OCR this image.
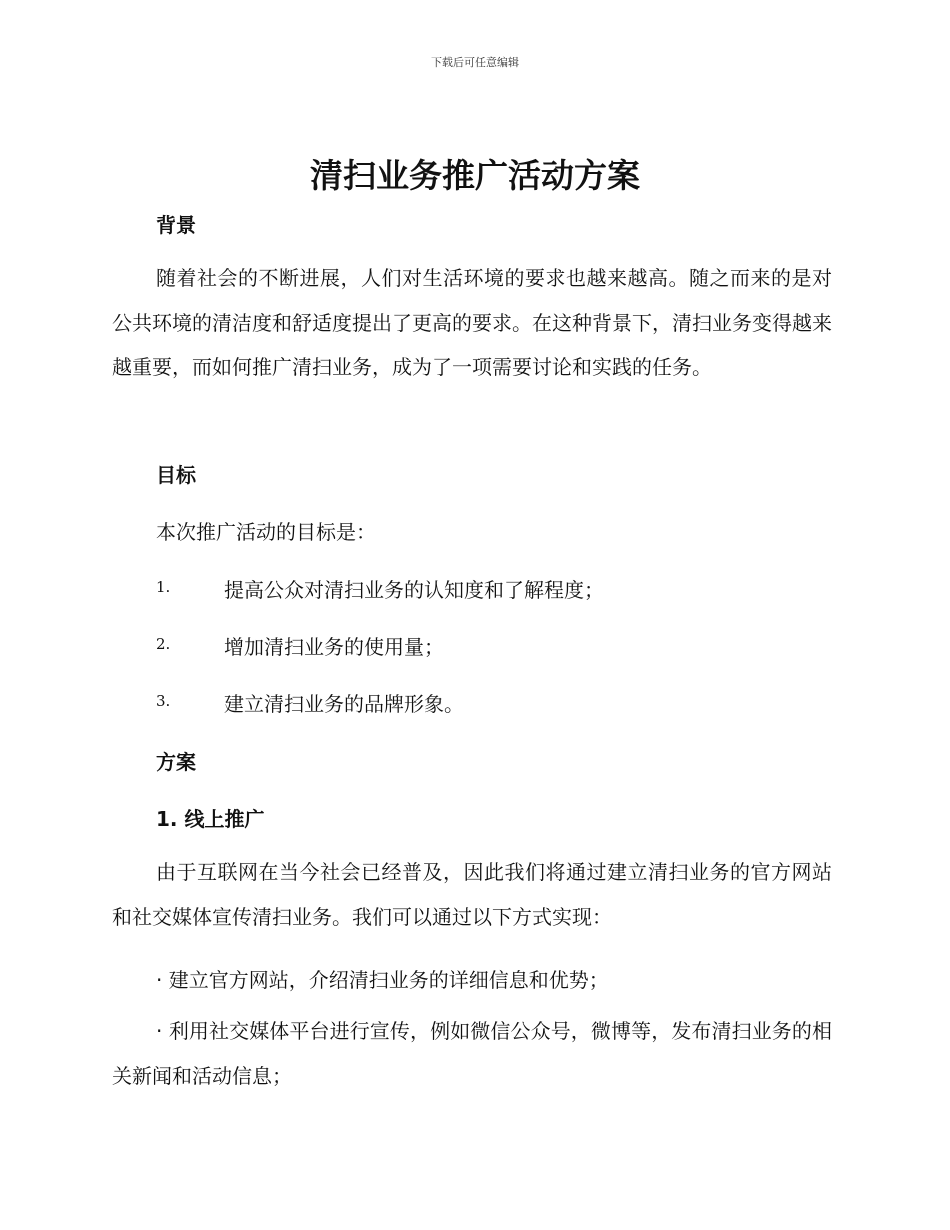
下载后可任意编辑
清扫业务推广活动方案
背景
随着社会的不断进展，人们对生活环境的要求也越来越高。随之而来的是对公共环境的清洁度和舒适度提出了更高的要求。在这种背景下，清扫业务变得越来越重要，而如何推广清扫业务，成为了一项需要讨论和实践的任务。
目标
本次推广活动的目标是：
1.	提高公众对清扫业务的认知度和了解程度；
2.	增加清扫业务的使用量；
3.	建立清扫业务的品牌形象。
方案
1. 线上推广
由于互联网在当今社会已经普及，因此我们将通过建立清扫业务的官方网站和社交媒体宣传清扫业务。我们可以通过以下方式实现：
· 建立官方网站，介绍清扫业务的详细信息和优势；
· 利用社交媒体平台进行宣传，例如微信公众号，微博等，发布清扫业务的相关新闻和活动信息；
